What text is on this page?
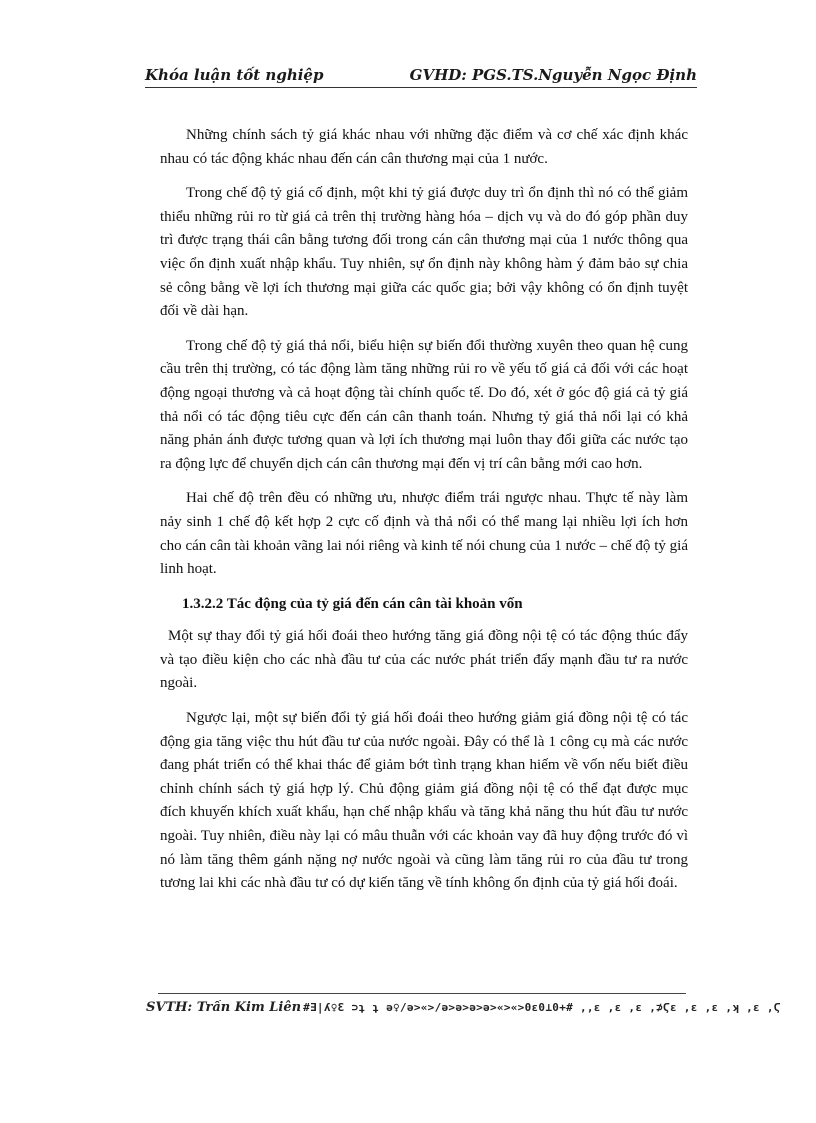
Khóa luận tốt nghiệp	GVHD: PGS.TS.Nguyễn Ngọc Định

Những chính sách tỷ giá khác nhau với những đặc điểm và cơ chế xác định khác nhau có tác động khác nhau đến cán cân thương mại của 1 nước.

Trong chế độ tỷ giá cố định, một khi tỷ giá được duy trì ổn định thì nó có thể giảm thiểu những rủi ro từ giá cả trên thị trường hàng hóa – dịch vụ và do đó góp phần duy trì được trạng thái cân bằng tương đối trong cán cân thương mại của 1 nước thông qua việc ổn định xuất nhập khẩu. Tuy nhiên, sự ổn định này không hàm ý đảm bảo sự chia sẻ công bằng về lợi ích thương mại giữa các quốc gia; bởi vậy không có ổn định tuyệt đối về dài hạn.

Trong chế độ tỷ giá thả nổi, biểu hiện sự biến đổi thường xuyên theo quan hệ cung cầu trên thị trường, có tác động làm tăng những rủi ro về yếu tố giá cả đối với các hoạt động ngoại thương và cả hoạt động tài chính quốc tế. Do đó, xét ở góc độ giá cả tỷ giá thả nổi có tác động tiêu cực đến cán cân thanh toán. Nhưng tỷ giá thả nổi lại có khả năng phản ánh được tương quan và lợi ích thương mại luôn thay đổi giữa các nước tạo ra động lực để chuyển dịch cán cân thương mại đến vị trí cân bằng mới cao hơn.

Hai chế độ trên đều có những ưu, nhược điểm trái ngược nhau. Thực tế này làm nảy sinh 1 chế độ kết hợp 2 cực cố định và thả nổi có thể mang lại nhiều lợi ích hơn cho cán cân tài khoản vãng lai nói riêng và kinh tế nói chung của 1 nước – chế độ tỷ giá linh hoạt.

1.3.2.2 Tác động của tỷ giá đến cán cân tài khoản vốn

Một sự thay đổi tỷ giá hối đoái theo hướng tăng giá đồng nội tệ có tác động thúc đẩy và tạo điều kiện cho các nhà đầu tư của các nước phát triển đẩy mạnh đầu tư ra nước ngoài.

Ngược lại, một sự biến đổi tỷ giá hối đoái theo hướng giảm giá đồng nội tệ có tác động gia tăng việc thu hút đầu tư của nước ngoài. Đây có thể là 1 công cụ mà các nước đang phát triển có thể khai thác để giảm bớt tình trạng khan hiếm về vốn nếu biết điều chỉnh chính sách tỷ giá hợp lý. Chủ động giảm giá đồng nội tệ có thể đạt được mục đích khuyến khích xuất khẩu, hạn chế nhập khẩu và tăng khả năng thu hút đầu tư nước ngoài. Tuy nhiên, điều này lại có mâu thuẫn với các khoản vay đã huy động trước đó vì nó làm tăng thêm gánh nặng nợ nước ngoài và cũng làm tăng rủi ro của đầu tư trong tương lai khi các nhà đầu tư có dự kiến tăng về tính không ổn định của tỷ giá hối đoái.

SVTH: Trần Kim Liên #∃|ʎ♀Ɛ ⊃ʇ ʇ ǝ♀/ǝ>«>/ǝ>ǝ>ǝ>ǝ>«>«>0ɛ0⊥0+# ‚‚ɛ ‚ɛ ‚ɛ ‚⊅Ϛɛ ‚ɛ ‚ɛ ‚ʞ ‚ɛ ‚Ϛ
